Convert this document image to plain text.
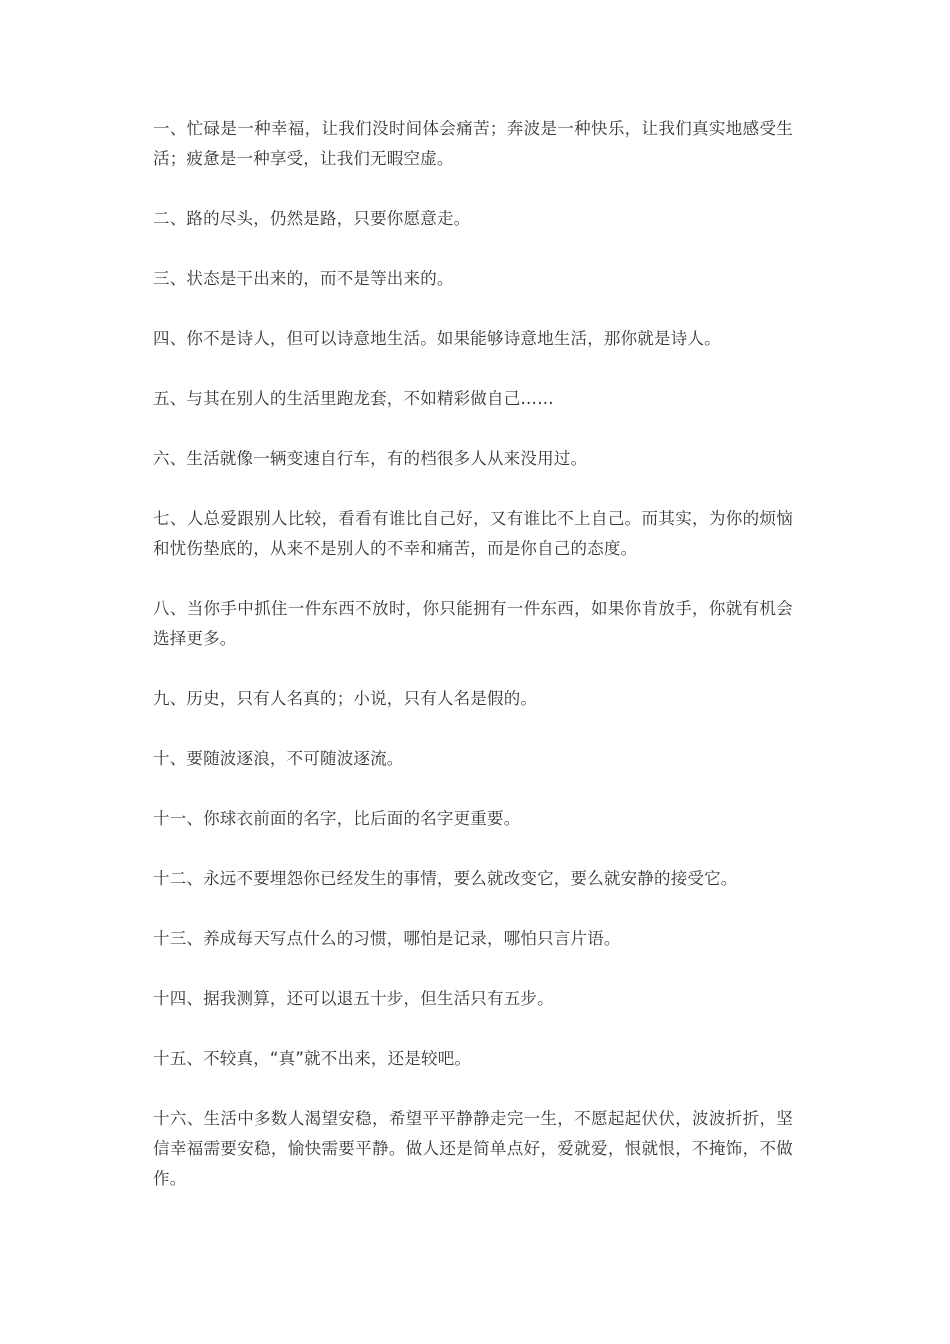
一、忙碌是一种幸福，让我们没时间体会痛苦；奔波是一种快乐，让我们真实地感受生活；疲惫是一种享受，让我们无暇空虚。

二、路的尽头，仍然是路，只要你愿意走。

三、状态是干出来的，而不是等出来的。

四、你不是诗人，但可以诗意地生活。如果能够诗意地生活，那你就是诗人。

五、与其在别人的生活里跑龙套，不如精彩做自己……

六、生活就像一辆变速自行车，有的档很多人从来没用过。

七、人总爱跟别人比较，看看有谁比自己好，又有谁比不上自己。而其实，为你的烦恼和忧伤垫底的，从来不是别人的不幸和痛苦，而是你自己的态度。

八、当你手中抓住一件东西不放时，你只能拥有一件东西，如果你肯放手，你就有机会选择更多。

九、历史，只有人名真的；小说，只有人名是假的。

十、要随波逐浪，不可随波逐流。

十一、你球衣前面的名字，比后面的名字更重要。

十二、永远不要埋怨你已经发生的事情，要么就改变它，要么就安静的接受它。

十三、养成每天写点什么的习惯，哪怕是记录，哪怕只言片语。

十四、据我测算，还可以退五十步，但生活只有五步。

十五、不较真，“真”就不出来，还是较吧。

十六、生活中多数人渴望安稳，希望平平静静走完一生，不愿起起伏伏，波波折折，坚信幸福需要安稳，愉快需要平静。做人还是简单点好，爱就爱，恨就恨，不掩饰，不做作。
